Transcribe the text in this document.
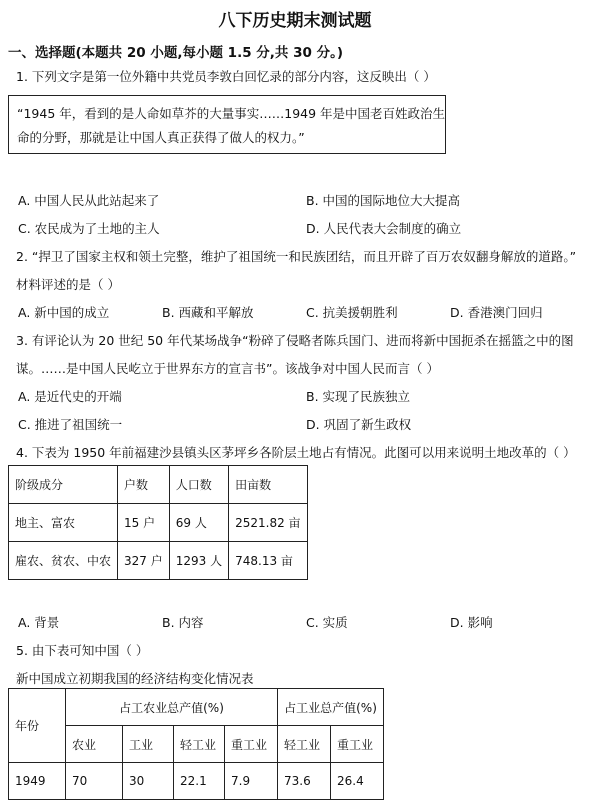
八下历史期末测试题
一、选择题(本题共 20 小题,每小题 1.5 分,共 30 分。)
1. 下列文字是第一位外籍中共党员李敦白回忆录的部分内容，这反映出（ ）
“1945 年，看到的是人命如草芥的大量事实……1949 年是中国老百姓政治生
命的分野，那就是让中国人真正获得了做人的权力。”
A. 中国人民从此站起来了	B. 中国的国际地位大大提高
C. 农民成为了土地的主人	D. 人民代表大会制度的确立
2. “捍卫了国家主权和领土完整，维护了祖国统一和民族团结，而且开辟了百万农奴翻身解放的道路。”
材料评述的是（ ）
A. 新中国的成立	B. 西藏和平解放	C. 抗美援朝胜利	D. 香港澳门回归
3. 有评论认为 20 世纪 50 年代某场战争“粉碎了侵略者陈兵国门、进而将新中国扼杀在摇篮之中的图
谋。……是中国人民屹立于世界东方的宣言书”。该战争对中国人民而言（ ）
A. 是近代史的开端	B. 实现了民族独立
C. 推进了祖国统一	D. 巩固了新生政权
4. 下表为 1950 年前福建沙县镇头区茅坪乡各阶层土地占有情况。此图可以用来说明土地改革的（ ）
阶级成分	户数	人口数	田亩数
地主、富农	15 户	69 人	2521.82 亩
雇农、贫农、中农	327 户	1293 人	748.13 亩
A. 背景	B. 内容	C. 实质	D. 影响
5. 由下表可知中国（ ）
新中国成立初期我国的经济结构变化情况表
年份	占工农业总产值(%)				占工业总产值(%)	
	农业	工业	轻工业	重工业	轻工业	重工业
1949	70	30	22.1	7.9	73.6	26.4
